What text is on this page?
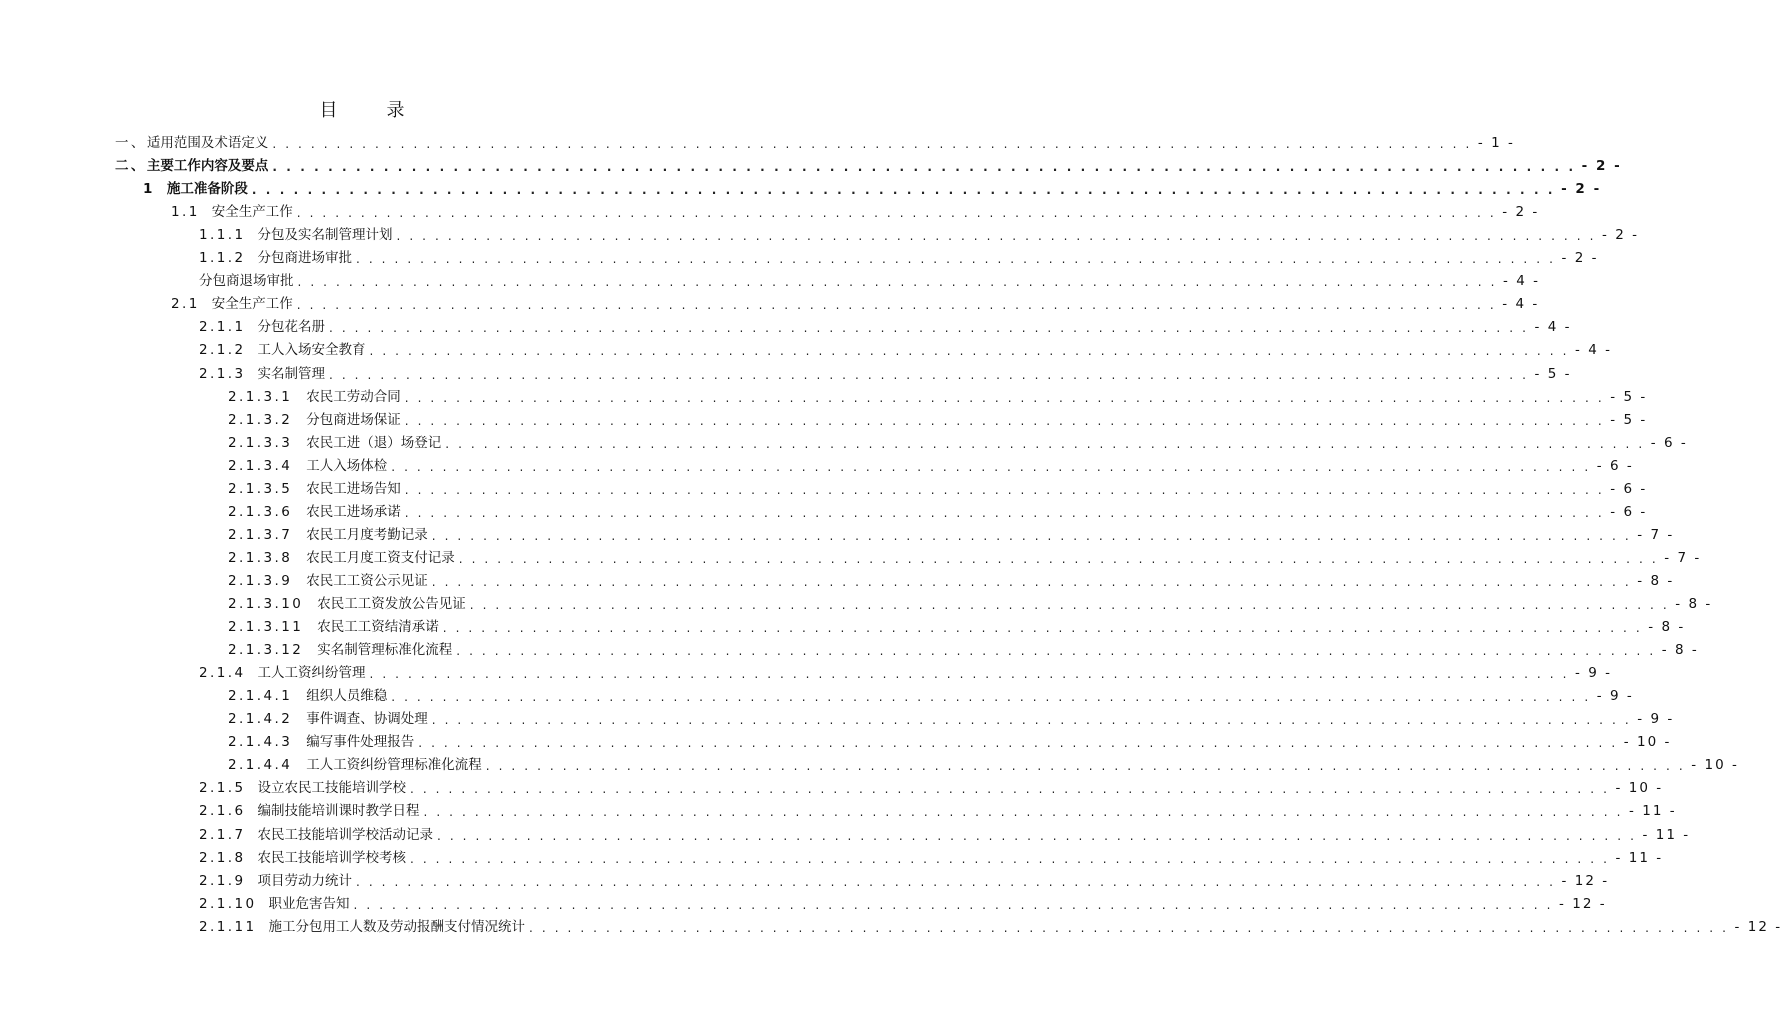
目 录
一、 适用范围及术语定义 . . . . . . . . . . . . . . . . . . . . . . . . . . . . . . . . . . . . . . . . . . . . . . . . . . . . . . . . . . . . . . . . . . . . . . . . . . . . . . . . . . . . . . . . . . . . . . - 1 -
二、 主要工作内容及要点 . . . . . . . . . . . . . . . . . . . . . . . . . . . . . . . . . . . . . . . . . . . . . . . . . . . . . . . . . . . . . . . . . . . . . . . . . . . . . . . . . . . . . . . . . . . . . . - 2 -
1 施工准备阶段 . . . . . . . . . . . . . . . . . . . . . . . . . . . . . . . . . . . . . . . . . . . . . . . . . . . . . . . . . . . . . . . . . . . . . . . . . . . . . . . . . . . . . . . . . . . . . . - 2 -
1.1 安全生产工作 . . . . . . . . . . . . . . . . . . . . . . . . . . . . . . . . . . . . . . . . . . . . . . . . . . . . . . . . . . . . . . . . . . . . . . . . . . . . . . . . . . . . . . . . . . . . . . - 2 -
1.1.1 分包及实名制管理计划 . . . . . . . . . . . . . . . . . . . . . . . . . . . . . . . . . . . . . . . . . . . . . . . . . . . . . . . . . . . . . . . . . . . . . . . . . . . . . . . . . . . . . . . . . . . . . . - 2 -
1.1.2 分包商进场审批 . . . . . . . . . . . . . . . . . . . . . . . . . . . . . . . . . . . . . . . . . . . . . . . . . . . . . . . . . . . . . . . . . . . . . . . . . . . . . . . . . . . . . . . . . . . . . . - 2 -
分包商退场审批 . . . . . . . . . . . . . . . . . . . . . . . . . . . . . . . . . . . . . . . . . . . . . . . . . . . . . . . . . . . . . . . . . . . . . . . . . . . . . . . . . . . . . . . . . . . . . . - 4 -
2.1 安全生产工作 . . . . . . . . . . . . . . . . . . . . . . . . . . . . . . . . . . . . . . . . . . . . . . . . . . . . . . . . . . . . . . . . . . . . . . . . . . . . . . . . . . . . . . . . . . . . . . - 4 -
2.1.1 分包花名册 . . . . . . . . . . . . . . . . . . . . . . . . . . . . . . . . . . . . . . . . . . . . . . . . . . . . . . . . . . . . . . . . . . . . . . . . . . . . . . . . . . . . . . . . . . . . . . - 4 -
2.1.2 工人入场安全教育 . . . . . . . . . . . . . . . . . . . . . . . . . . . . . . . . . . . . . . . . . . . . . . . . . . . . . . . . . . . . . . . . . . . . . . . . . . . . . . . . . . . . . . . . . . . . . . - 4 -
2.1.3 实名制管理 . . . . . . . . . . . . . . . . . . . . . . . . . . . . . . . . . . . . . . . . . . . . . . . . . . . . . . . . . . . . . . . . . . . . . . . . . . . . . . . . . . . . . . . . . . . . . . - 5 -
2.1.3.1 农民工劳动合同 . . . . . . . . . . . . . . . . . . . . . . . . . . . . . . . . . . . . . . . . . . . . . . . . . . . . . . . . . . . . . . . . . . . . . . . . . . . . . . . . . . . . . . . . . . . . . . - 5 -
2.1.3.2 分包商进场保证 . . . . . . . . . . . . . . . . . . . . . . . . . . . . . . . . . . . . . . . . . . . . . . . . . . . . . . . . . . . . . . . . . . . . . . . . . . . . . . . . . . . . . . . . . . . . . . - 5 -
2.1.3.3 农民工进（退）场登记 . . . . . . . . . . . . . . . . . . . . . . . . . . . . . . . . . . . . . . . . . . . . . . . . . . . . . . . . . . . . . . . . . . . . . . . . . . . . . . . . . . . . . . . . . . . . . . - 6 -
2.1.3.4 工人入场体检 . . . . . . . . . . . . . . . . . . . . . . . . . . . . . . . . . . . . . . . . . . . . . . . . . . . . . . . . . . . . . . . . . . . . . . . . . . . . . . . . . . . . . . . . . . . . . . - 6 -
2.1.3.5 农民工进场告知 . . . . . . . . . . . . . . . . . . . . . . . . . . . . . . . . . . . . . . . . . . . . . . . . . . . . . . . . . . . . . . . . . . . . . . . . . . . . . . . . . . . . . . . . . . . . . . - 6 -
2.1.3.6 农民工进场承诺 . . . . . . . . . . . . . . . . . . . . . . . . . . . . . . . . . . . . . . . . . . . . . . . . . . . . . . . . . . . . . . . . . . . . . . . . . . . . . . . . . . . . . . . . . . . . . . - 6 -
2.1.3.7 农民工月度考勤记录 . . . . . . . . . . . . . . . . . . . . . . . . . . . . . . . . . . . . . . . . . . . . . . . . . . . . . . . . . . . . . . . . . . . . . . . . . . . . . . . . . . . . . . . . . . . . . . - 7 -
2.1.3.8 农民工月度工资支付记录 . . . . . . . . . . . . . . . . . . . . . . . . . . . . . . . . . . . . . . . . . . . . . . . . . . . . . . . . . . . . . . . . . . . . . . . . . . . . . . . . . . . . . . . . . . . . . . - 7 -
2.1.3.9 农民工工资公示见证 . . . . . . . . . . . . . . . . . . . . . . . . . . . . . . . . . . . . . . . . . . . . . . . . . . . . . . . . . . . . . . . . . . . . . . . . . . . . . . . . . . . . . . . . . . . . . . - 8 -
2.1.3.10 农民工工资发放公告见证 . . . . . . . . . . . . . . . . . . . . . . . . . . . . . . . . . . . . . . . . . . . . . . . . . . . . . . . . . . . . . . . . . . . . . . . . . . . . . . . . . . . . . . . . . . . . . . - 8 -
2.1.3.11 农民工工资结清承诺 . . . . . . . . . . . . . . . . . . . . . . . . . . . . . . . . . . . . . . . . . . . . . . . . . . . . . . . . . . . . . . . . . . . . . . . . . . . . . . . . . . . . . . . . . . . . . . - 8 -
2.1.3.12 实名制管理标准化流程 . . . . . . . . . . . . . . . . . . . . . . . . . . . . . . . . . . . . . . . . . . . . . . . . . . . . . . . . . . . . . . . . . . . . . . . . . . . . . . . . . . . . . . . . . . . . . . - 8 -
2.1.4 工人工资纠纷管理 . . . . . . . . . . . . . . . . . . . . . . . . . . . . . . . . . . . . . . . . . . . . . . . . . . . . . . . . . . . . . . . . . . . . . . . . . . . . . . . . . . . . . . . . . . . . . . - 9 -
2.1.4.1 组织人员维稳 . . . . . . . . . . . . . . . . . . . . . . . . . . . . . . . . . . . . . . . . . . . . . . . . . . . . . . . . . . . . . . . . . . . . . . . . . . . . . . . . . . . . . . . . . . . . . . - 9 -
2.1.4.2 事件调查、协调处理 . . . . . . . . . . . . . . . . . . . . . . . . . . . . . . . . . . . . . . . . . . . . . . . . . . . . . . . . . . . . . . . . . . . . . . . . . . . . . . . . . . . . . . . . . . . . . . - 9 -
2.1.4.3 编写事件处理报告 . . . . . . . . . . . . . . . . . . . . . . . . . . . . . . . . . . . . . . . . . . . . . . . . . . . . . . . . . . . . . . . . . . . . . . . . . . . . . . . . . . . . . . . . . . . . . . - 10 -
2.1.4.4 工人工资纠纷管理标准化流程 . . . . . . . . . . . . . . . . . . . . . . . . . . . . . . . . . . . . . . . . . . . . . . . . . . . . . . . . . . . . . . . . . . . . . . . . . . . . . . . . . . . . . . . . . . . . . . - 10 -
2.1.5 设立农民工技能培训学校 . . . . . . . . . . . . . . . . . . . . . . . . . . . . . . . . . . . . . . . . . . . . . . . . . . . . . . . . . . . . . . . . . . . . . . . . . . . . . . . . . . . . . . . . . . . . . . - 10 -
2.1.6 编制技能培训课时教学日程 . . . . . . . . . . . . . . . . . . . . . . . . . . . . . . . . . . . . . . . . . . . . . . . . . . . . . . . . . . . . . . . . . . . . . . . . . . . . . . . . . . . . . . . . . . . . . . - 11 -
2.1.7 农民工技能培训学校活动记录 . . . . . . . . . . . . . . . . . . . . . . . . . . . . . . . . . . . . . . . . . . . . . . . . . . . . . . . . . . . . . . . . . . . . . . . . . . . . . . . . . . . . . . . . . . . . . . - 11 -
2.1.8 农民工技能培训学校考核 . . . . . . . . . . . . . . . . . . . . . . . . . . . . . . . . . . . . . . . . . . . . . . . . . . . . . . . . . . . . . . . . . . . . . . . . . . . . . . . . . . . . . . . . . . . . . . - 11 -
2.1.9 项目劳动力统计 . . . . . . . . . . . . . . . . . . . . . . . . . . . . . . . . . . . . . . . . . . . . . . . . . . . . . . . . . . . . . . . . . . . . . . . . . . . . . . . . . . . . . . . . . . . . . . - 12 -
2.1.10 职业危害告知 . . . . . . . . . . . . . . . . . . . . . . . . . . . . . . . . . . . . . . . . . . . . . . . . . . . . . . . . . . . . . . . . . . . . . . . . . . . . . . . . . . . . . . . . . . . . . . - 12 -
2.1.11 施工分包用工人数及劳动报酬支付情况统计 . . . . . . . . . . . . . . . . . . . . . . . . . . . . . . . . . . . . . . . . . . . . . . . . . . . . . . . . . . . . . . . . . . . . . . . . . . . . . . . . . . . . . . . . . . . . . . - 12 -
